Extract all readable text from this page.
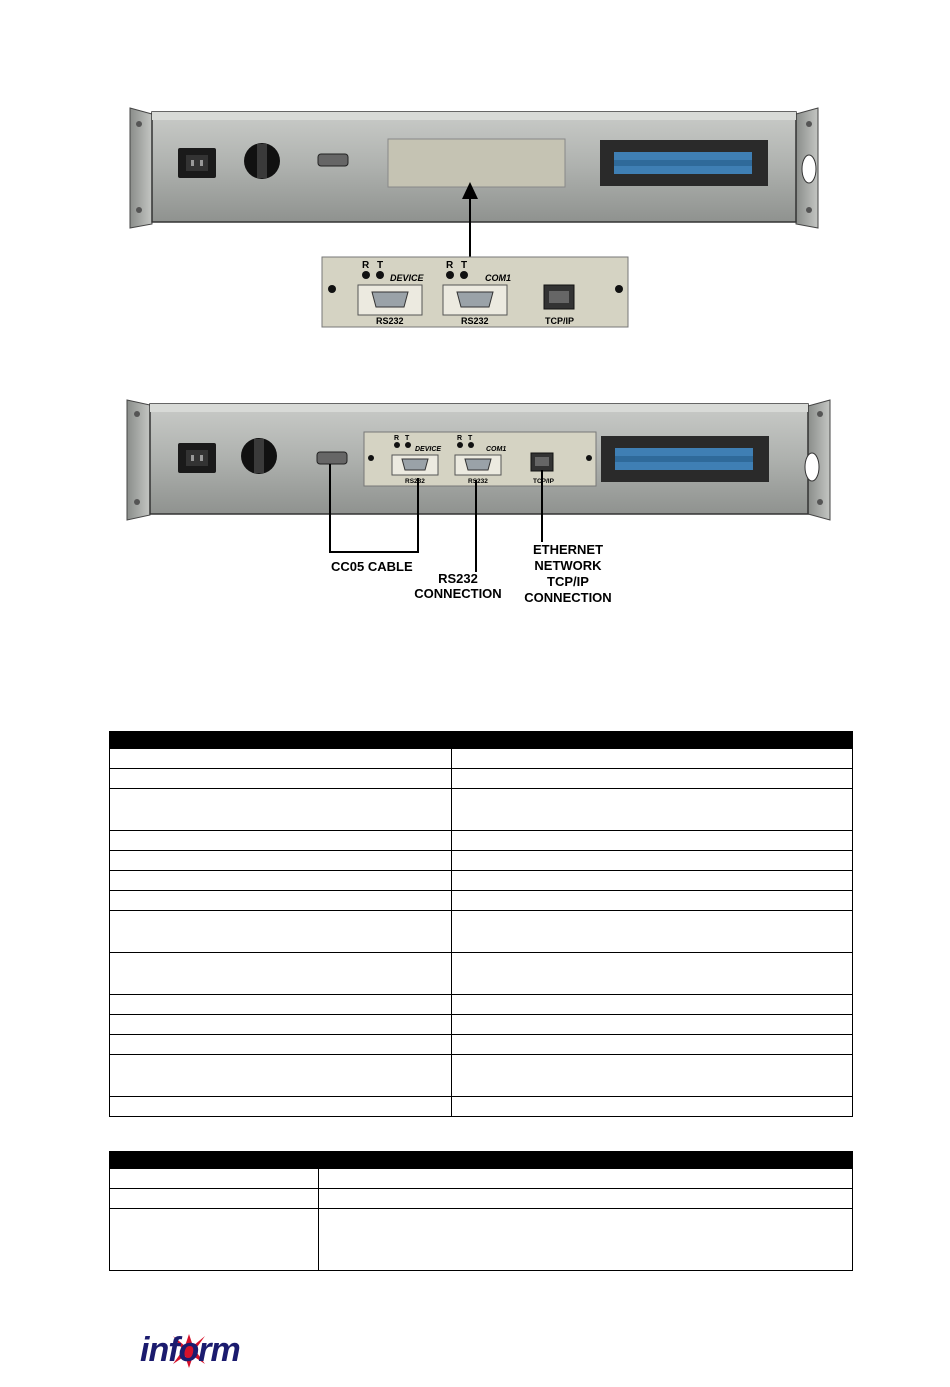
R T	R T
DEVICE	COM1
RS232	RS232	TCP/IP
R T	R T
DEVICE	COM1
RS232	RS232	TCP/IP
CC05 CABLE
RS232
CONNECTION
ETHERNET
NETWORK
TCP/IP
CONNECTION

inform
